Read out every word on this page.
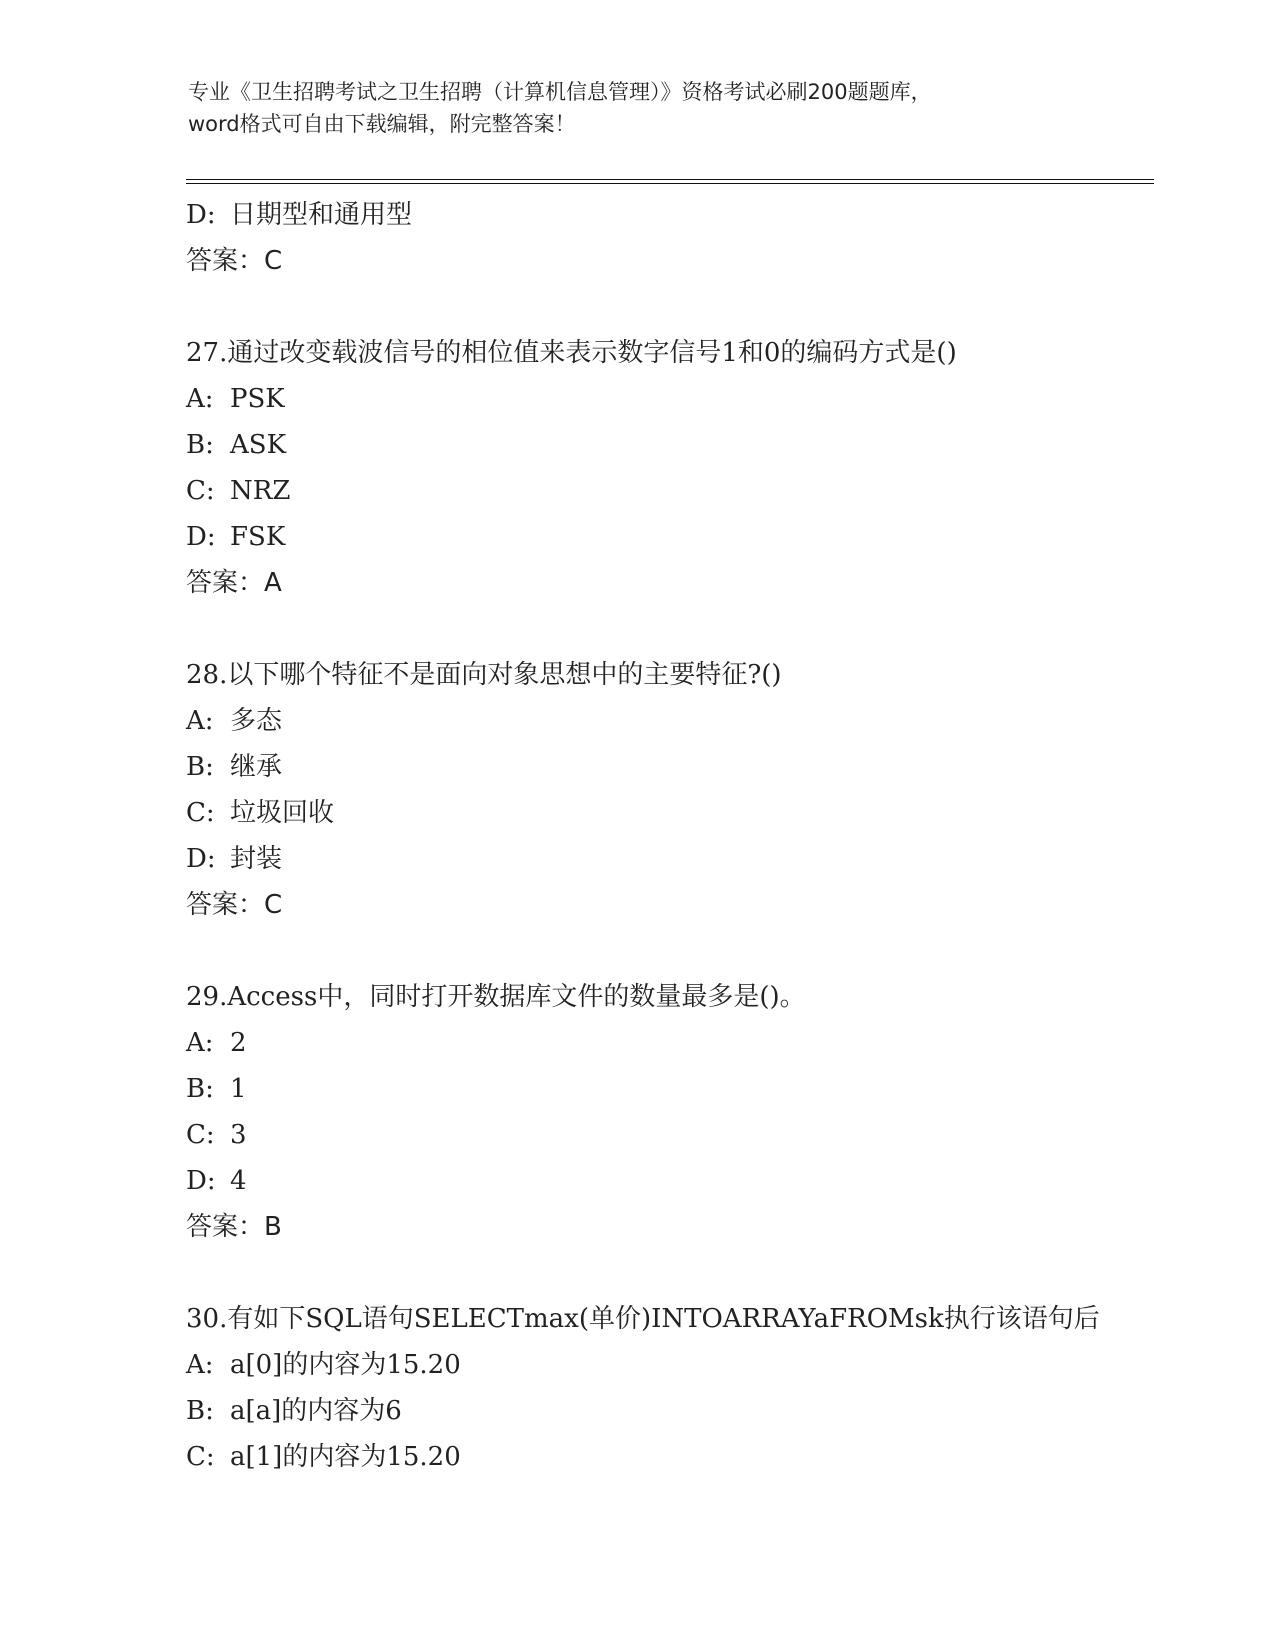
专业《卫生招聘考试之卫生招聘（计算机信息管理）》资格考试必刷200题题库，
word格式可自由下载编辑，附完整答案！
D: 日期型和通用型
答案：C
27.通过改变载波信号的相位值来表示数字信号1和0的编码方式是()
A: PSK
B: ASK
C: NRZ
D: FSK
答案：A
28.以下哪个特征不是面向对象思想中的主要特征?()
A: 多态
B: 继承
C: 垃圾回收
D: 封装
答案：C
29.Access中，同时打开数据库文件的数量最多是()。
A: 2
B: 1
C: 3
D: 4
答案：B
30.有如下SQL语句SELECTmax(单价)INTOARRAYaFROMsk执行该语句后
A: a[0]的内容为15.20
B: a[a]的内容为6
C: a[1]的内容为15.20
